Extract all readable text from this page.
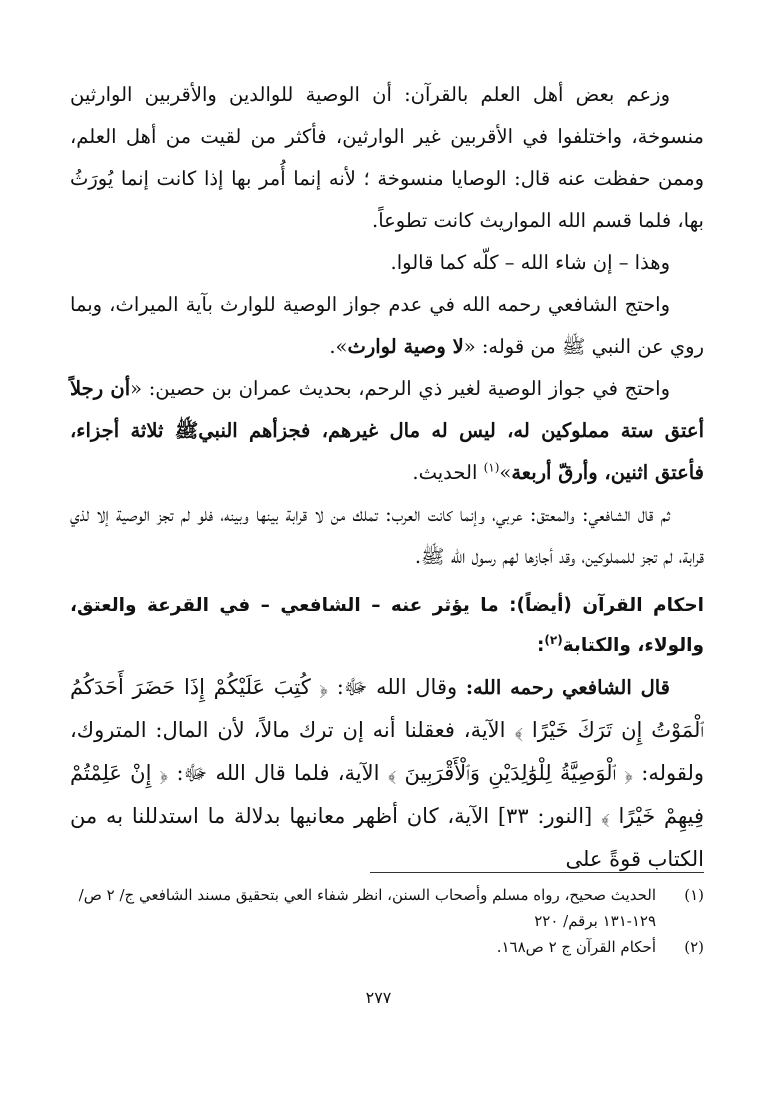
وزعم بعض أهل العلم بالقرآن: أن الوصية للوالدين والأقربين الوارثين منسوخة، واختلفوا في الأقربين غير الوارثين، فأكثر من لقيت من أهل العلم، وممن حفظت عنه قال: الوصايا منسوخة ؛ لأنه إنما أُمر بها إذا كانت إنما يُورَثُ بها، فلما قسم الله المواريث كانت تطوعاً.

وهذا – إن شاء الله – كلّه كما قالوا.

واحتج الشافعي رحمه الله في عدم جواز الوصية للوارث بآية الميراث، وبما روي عن النبي ﷺ من قوله: «لا وصية لوارث».

واحتج في جواز الوصية لغير ذي الرحم، بحديث عمران بن حصين: «أن رجلاً أعتق ستة مملوكين له، ليس له مال غيرهم، فجزأهم النبيﷺ ثلاثة أجزاء، فأعتق اثنين، وأرقّ أربعة»$^{(١)}$ الحديث.

ثم قال الشافعي: والمعتق: عربي، وإنما كانت العرب: تملك من لا قرابة بينها وبينه، فلو لم تجز الوصية إلا لذي قرابة، لم تجز للمملوكين، وقد أجازها لهم رسول الله ﷺ.

احكام القرآن (أيضاً): ما يؤثر عنه – الشافعي – في القرعة والعتق، والولاء، والكتابة$^{(٢)}$:

قال الشافعي رحمه الله: وقال الله ﷻ: ﴿ كُتِبَ عَلَيْكُمْ إِذَا حَضَرَ أَحَدَكُمُ ٱلْمَوْتُ إِن تَرَكَ خَيْرًا ﴾ الآية، فعقلنا أنه إن ترك مالاً، لأن المال: المتروك، ولقوله: ﴿ ٱلْوَصِيَّةُ لِلْوَٰلِدَيْنِ وَٱلْأَقْرَبِينَ ﴾ الآية، فلما قال الله ﷻ: ﴿ إِنْ عَلِمْتُمْ فِيهِمْ خَيْرًا ﴾ [النور: ٣٣] الآية، كان أظهر معانيها بدلالة ما استدللنا به من الكتاب قوةً على

(١)
الحديث صحيح، رواه مسلم وأصحاب السنن، انظر شفاء العي بتحقيق مسند الشافعي ج/ ٢ ص/١٢٩-١٣١ برقم/ ٢٢٠
(٢)
أحكام القرآن ج ٢ ص١٦٨.
٢٧٧
